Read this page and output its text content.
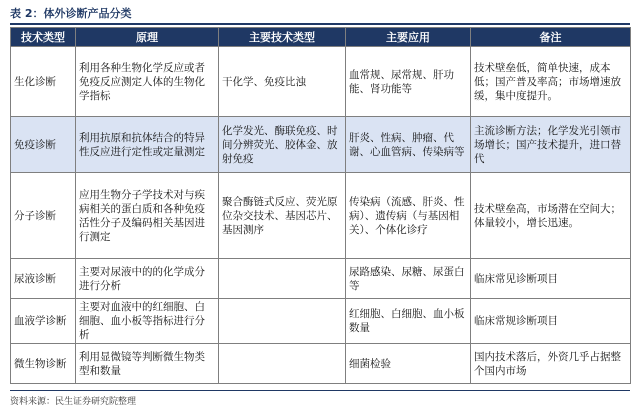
表 2：体外诊断产品分类
技术类型	原理	主要技术类型	主要应用	备注
生化诊断	利用各种生物化学反应或者免疫反应测定人体的生物化学指标	干化学、免疫比浊	血常规、尿常规、肝功能、肾功能等	技术壁垒低，简单快速，成本低；国产普及率高；市场增速放缓，集中度提升。
免疫诊断	利用抗原和抗体结合的特异性反应进行定性或定量测定	化学发光、酶联免疫、时间分辨荧光、胶体金、放射免疫	肝炎、性病、肿瘤、代谢、心血管病、传染病等	主流诊断方法；化学发光引领市场增长；国产技术提升，进口替代
分子诊断	应用生物分子学技术对与疾病相关的蛋白质和各种免疫活性分子及编码相关基因进行测定	聚合酶链式反应、荧光原位杂交技术、基因芯片、基因测序	传染病（流感、肝炎、性病）、遗传病（与基因相关）、个体化诊疗	技术壁垒高，市场潜在空间大；体量较小，增长迅速。
尿液诊断	主要对尿液中的的化学成分进行分析		尿路感染、尿糖、尿蛋白等	临床常见诊断项目
血液学诊断	主要对血液中的红细胞、白细胞、血小板等指标进行分析		红细胞、白细胞、血小板数量	临床常规诊断项目
微生物诊断	利用显微镜等判断微生物类型和数量		细菌检验	国内技术落后，外资几乎占据整个国内市场
资料来源：民生证券研究院整理
